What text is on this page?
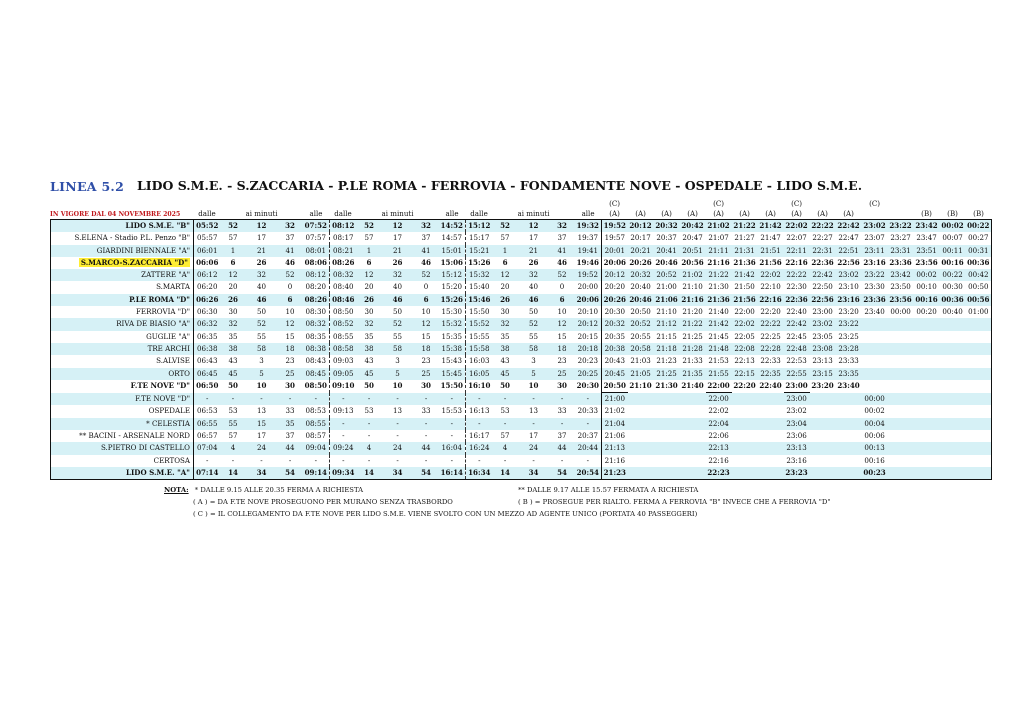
LINEA 5.2 LIDO S.M.E. - S.ZACCARIA - P.LE ROMA - FERROVIA - FONDAMENTE NOVE - OSPEDALE - LIDO S.M.E.
																(C)				(C)			(C)			(C)				
	dalle		ai minuti		alle	dalle		ai minuti		alle	dalle		ai minuti		alle	(A)	(A)	(A)	(A)	(A)	(A)	(A)	(A)	(A)	(A)			(B)	(B)	(B)
LIDO S.M.E. "B"	05:52	52	12	32	07:52	08:12	52	12	32	14:52	15:12	52	12	32	19:32	19:52	20:12	20:32	20:42	21:02	21:22	21:42	22:02	22:22	22:42	23:02	23:22	23:42	00:02	00:22
S.ELENA - Stadio P.L. Penzo "B"	05:57	57	17	37	07:57	08:17	57	17	37	14:57	15:17	57	17	37	19:37	19:57	20:17	20:37	20:47	21:07	21:27	21:47	22:07	22:27	22:47	23:07	23:27	23:47	00:07	00:27
GIARDINI BIENNALE "A"	06:01	1	21	41	08:01	08:21	1	21	41	15:01	15:21	1	21	41	19:41	20:01	20:21	20:41	20:51	21:11	21:31	21:51	22:11	22:31	22:51	23:11	23:31	23:51	00:11	00:31
S.MARCO-S.ZACCARIA "D"	06:06	6	26	46	08:06	08:26	6	26	46	15:06	15:26	6	26	46	19:46	20:06	20:26	20:46	20:56	21:16	21:36	21:56	22:16	22:36	22:56	23:16	23:36	23:56	00:16	00:36
ZATTERE "A"	06:12	12	32	52	08:12	08:32	12	32	52	15:12	15:32	12	32	52	19:52	20:12	20:32	20:52	21:02	21:22	21:42	22:02	22:22	22:42	23:02	23:22	23:42	00:02	00:22	00:42
S.MARTA	06:20	20	40	0	08:20	08:40	20	40	0	15:20	15:40	20	40	0	20:00	20:20	20:40	21:00	21:10	21:30	21:50	22:10	22:30	22:50	23:10	23:30	23:50	00:10	00:30	00:50
P.LE ROMA "D"	06:26	26	46	6	08:26	08:46	26	46	6	15:26	15:46	26	46	6	20:06	20:26	20:46	21:06	21:16	21:36	21:56	22:16	22:36	22:56	23:16	23:36	23:56	00:16	00:36	00:56
FERROVIA "D"	06:30	30	50	10	08:30	08:50	30	50	10	15:30	15:50	30	50	10	20:10	20:30	20:50	21:10	21:20	21:40	22:00	22:20	22:40	23:00	23:20	23:40	00:00	00:20	00:40	01:00
RIVA DE BIASIO "A"	06:32	32	52	12	08:32	08:52	32	52	12	15:32	15:52	32	52	12	20:12	20:32	20:52	21:12	21:22	21:42	22:02	22:22	22:42	23:02	23:22					
GUGLIE "A"	06:35	35	55	15	08:35	08:55	35	55	15	15:35	15:55	35	55	15	20:15	20:35	20:55	21:15	21:25	21:45	22:05	22:25	22:45	23:05	23:25					
TRE ARCHI	06:38	38	58	18	08:38	08:58	38	58	18	15:38	15:58	38	58	18	20:18	20:38	20:58	21:18	21:28	21:48	22:08	22:28	22:48	23:08	23:28					
S.ALVISE	06:43	43	3	23	08:43	09:03	43	3	23	15:43	16:03	43	3	23	20:23	20:43	21:03	21:23	21:33	21:53	22:13	22:33	22:53	23:13	23:33					
ORTO	06:45	45	5	25	08:45	09:05	45	5	25	15:45	16:05	45	5	25	20:25	20:45	21:05	21:25	21:35	21:55	22:15	22:35	22:55	23:15	23:35					
F.TE NOVE "D"	06:50	50	10	30	08:50	09:10	50	10	30	15:50	16:10	50	10	30	20:30	20:50	21:10	21:30	21:40	22:00	22:20	22:40	23:00	23:20	23:40					
F.TE NOVE "D"	-	-	-	-	-	-	-	-	-	-	-	-	-	-	-	21:00				22:00			23:00			00:00				
OSPEDALE	06:53	53	13	33	08:53	09:13	53	13	33	15:53	16:13	53	13	33	20:33	21:02				22:02			23:02			00:02				
* CELESTIA	06:55	55	15	35	08:55	-	-	-	-	-	-	-	-	-	-	21:04				22:04			23:04			00:04				
** BACINI - ARSENALE NORD	06:57	57	17	37	08:57	-	-	-	-	-	16:17	57	17	37	20:37	21:06				22:06			23:06			00:06				
S.PIETRO DI CASTELLO	07:04	4	24	44	09:04	09:24	4	24	44	16:04	16:24	4	24	44	20:44	21:13				22:13			23:13			00:13				
CERTOSA	-	-	-	-	-	-	-	-	-	-	-	-	-	-	-	21:16				22:16			23:16			00:16				
LIDO S.M.E. "A"	07:14	14	34	54	09:14	09:34	14	34	54	16:14	16:34	14	34	54	20:54	21:23				22:23			23:23			00:23				
IN VIGORE DAL 04 NOVEMBRE 2025
NOTA: * DALLE 9.15 ALLE 20.35 FERMA A RICHIESTA	** DALLE 9.17 ALLE 15.57 FERMATA A RICHIESTA
( A ) = DA F.TE NOVE PROSEGUONO PER MURANO SENZA TRASBORDO	( B ) = PROSEGUE PER RIALTO. FERMA A FERROVIA "B" INVECE CHE A FERROVIA "D"
( C ) = IL COLLEGAMENTO DA F.TE NOVE PER LIDO S.M.E. VIENE SVOLTO CON UN MEZZO AD AGENTE UNICO (PORTATA 40 PASSEGGERI)
